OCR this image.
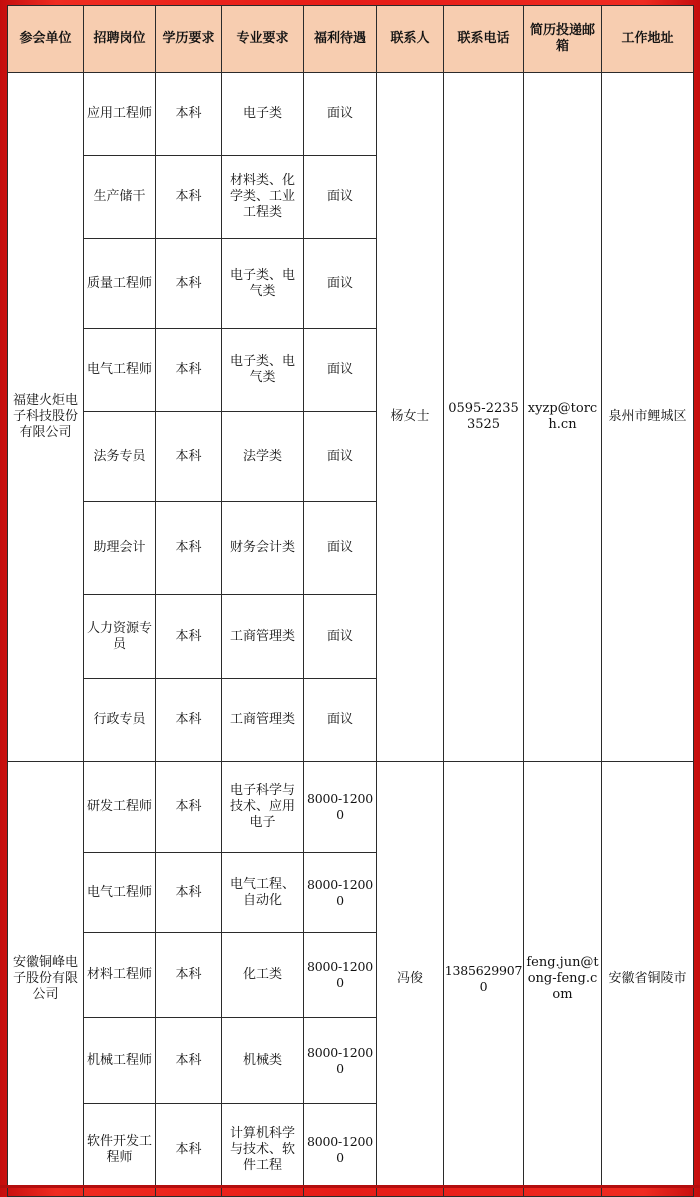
参会单位	招聘岗位	学历要求	专业要求	福利待遇	联系人	联系电话	简历投递邮箱	工作地址
福建火炬电子科技股份有限公司	应用工程师	本科	电子类	面议	杨女士	0595-22353525	xyzp@torch.cn	泉州市鲤城区
	生产储干	本科	材料类、化学类、工业工程类	面议				
	质量工程师	本科	电子类、电气类	面议				
	电气工程师	本科	电子类、电气类	面议				
	法务专员	本科	法学类	面议				
	助理会计	本科	财务会计类	面议				
	人力资源专员	本科	工商管理类	面议				
	行政专员	本科	工商管理类	面议				
安徽铜峰电子股份有限公司	研发工程师	本科	电子科学与技术、应用电子	8000-12000	冯俊	13856299070	feng.jun@tong-feng.com	安徽省铜陵市
	电气工程师	本科	电气工程、自动化	8000-12000				
	材料工程师	本科	化工类	8000-12000				
	机械工程师	本科	机械类	8000-12000				
	软件开发工程师	本科	计算机科学与技术、软件工程	8000-12000				
